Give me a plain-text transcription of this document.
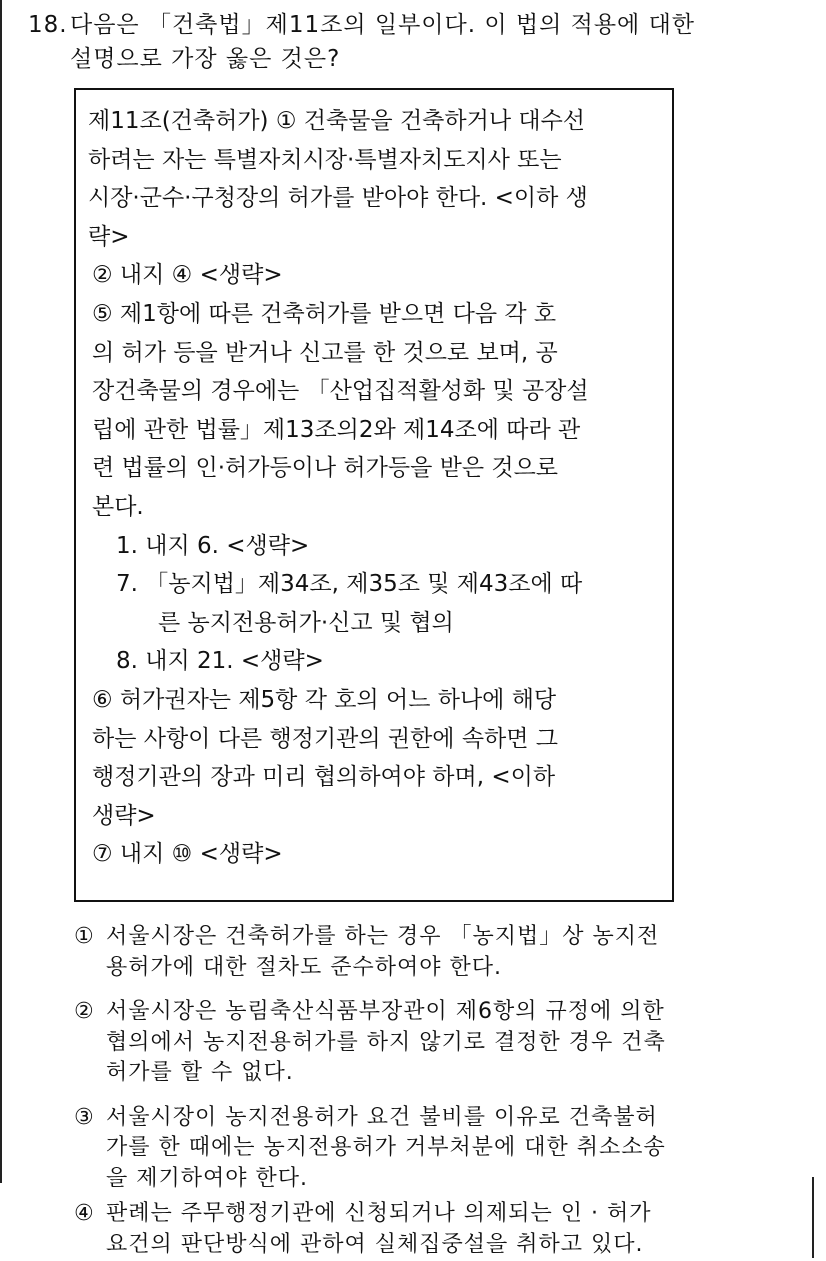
18. 다음은 「건축법」제11조의 일부이다. 이 법의 적용에 대한
설명으로 가장 옳은 것은?
제11조(건축허가) ① 건축물을 건축하거나 대수선
하려는 자는 특별자치시장·특별자치도지사 또는
시장·군수·구청장의 허가를 받아야 한다. <이하 생
략>
② 내지 ④ <생략>
⑤ 제1항에 따른 건축허가를 받으면 다음 각 호
의 허가 등을 받거나 신고를 한 것으로 보며, 공
장건축물의 경우에는 「산업집적활성화 및 공장설
립에 관한 법률」제13조의2와 제14조에 따라 관
련 법률의 인·허가등이나 허가등을 받은 것으로
본다.
1. 내지 6. <생략>
7. 「농지법」제34조, 제35조 및 제43조에 따
른 농지전용허가·신고 및 협의
8. 내지 21. <생략>
⑥ 허가권자는 제5항 각 호의 어느 하나에 해당
하는 사항이 다른 행정기관의 권한에 속하면 그
행정기관의 장과 미리 협의하여야 하며, <이하
생략>
⑦ 내지 ⑩ <생략>
① 서울시장은 건축허가를 하는 경우 「농지법」상 농지전
용허가에 대한 절차도 준수하여야 한다.
② 서울시장은 농림축산식품부장관이 제6항의 규정에 의한
협의에서 농지전용허가를 하지 않기로 결정한 경우 건축
허가를 할 수 없다.
③ 서울시장이 농지전용허가 요건 불비를 이유로 건축불허
가를 한 때에는 농지전용허가 거부처분에 대한 취소소송
을 제기하여야 한다.
④ 판례는 주무행정기관에 신청되거나 의제되는 인 · 허가
요건의 판단방식에 관하여 실체집중설을 취하고 있다.
